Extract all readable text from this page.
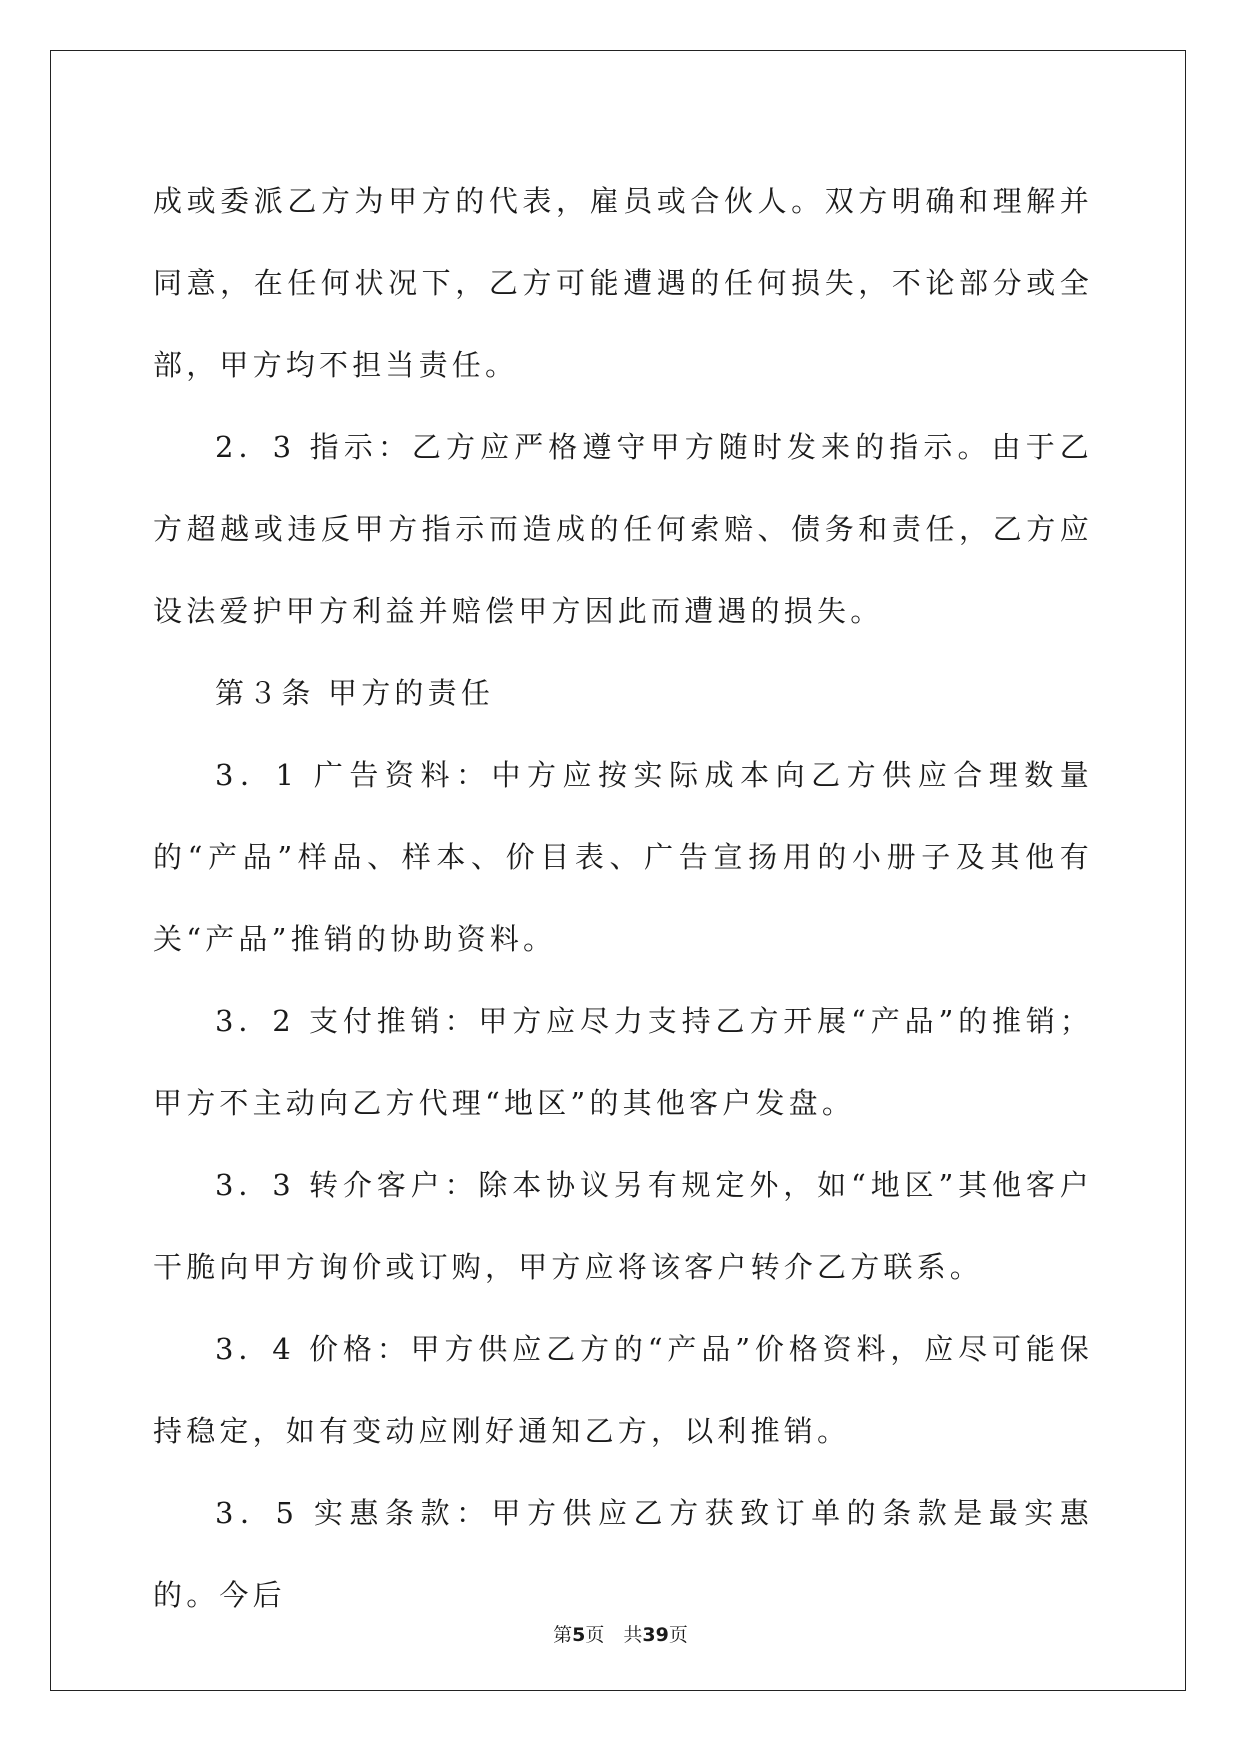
成或委派乙方为甲方的代表，雇员或合伙人。双方明确和理解并同意，在任何状况下，乙方可能遭遇的任何损失，不论部分或全部，甲方均不担当责任。

2．3 指示：乙方应严格遵守甲方随时发来的指示。由于乙方超越或违反甲方指示而造成的任何索赔、债务和责任，乙方应设法爱护甲方利益并赔偿甲方因此而遭遇的损失。

第３条 甲方的责任

3．1 广告资料：中方应按实际成本向乙方供应合理数量的“产品”样品、样本、价目表、广告宣扬用的小册子及其他有关“产品”推销的协助资料。

3．2 支付推销：甲方应尽力支持乙方开展“产品”的推销；甲方不主动向乙方代理“地区”的其他客户发盘。

3．3 转介客户：除本协议另有规定外，如“地区”其他客户干脆向甲方询价或订购，甲方应将该客户转介乙方联系。

3．4 价格：甲方供应乙方的“产品”价格资料，应尽可能保持稳定，如有变动应刚好通知乙方，以利推销。

3．5 实惠条款：甲方供应乙方获致订单的条款是最实惠的。今后

第5页　共39页
